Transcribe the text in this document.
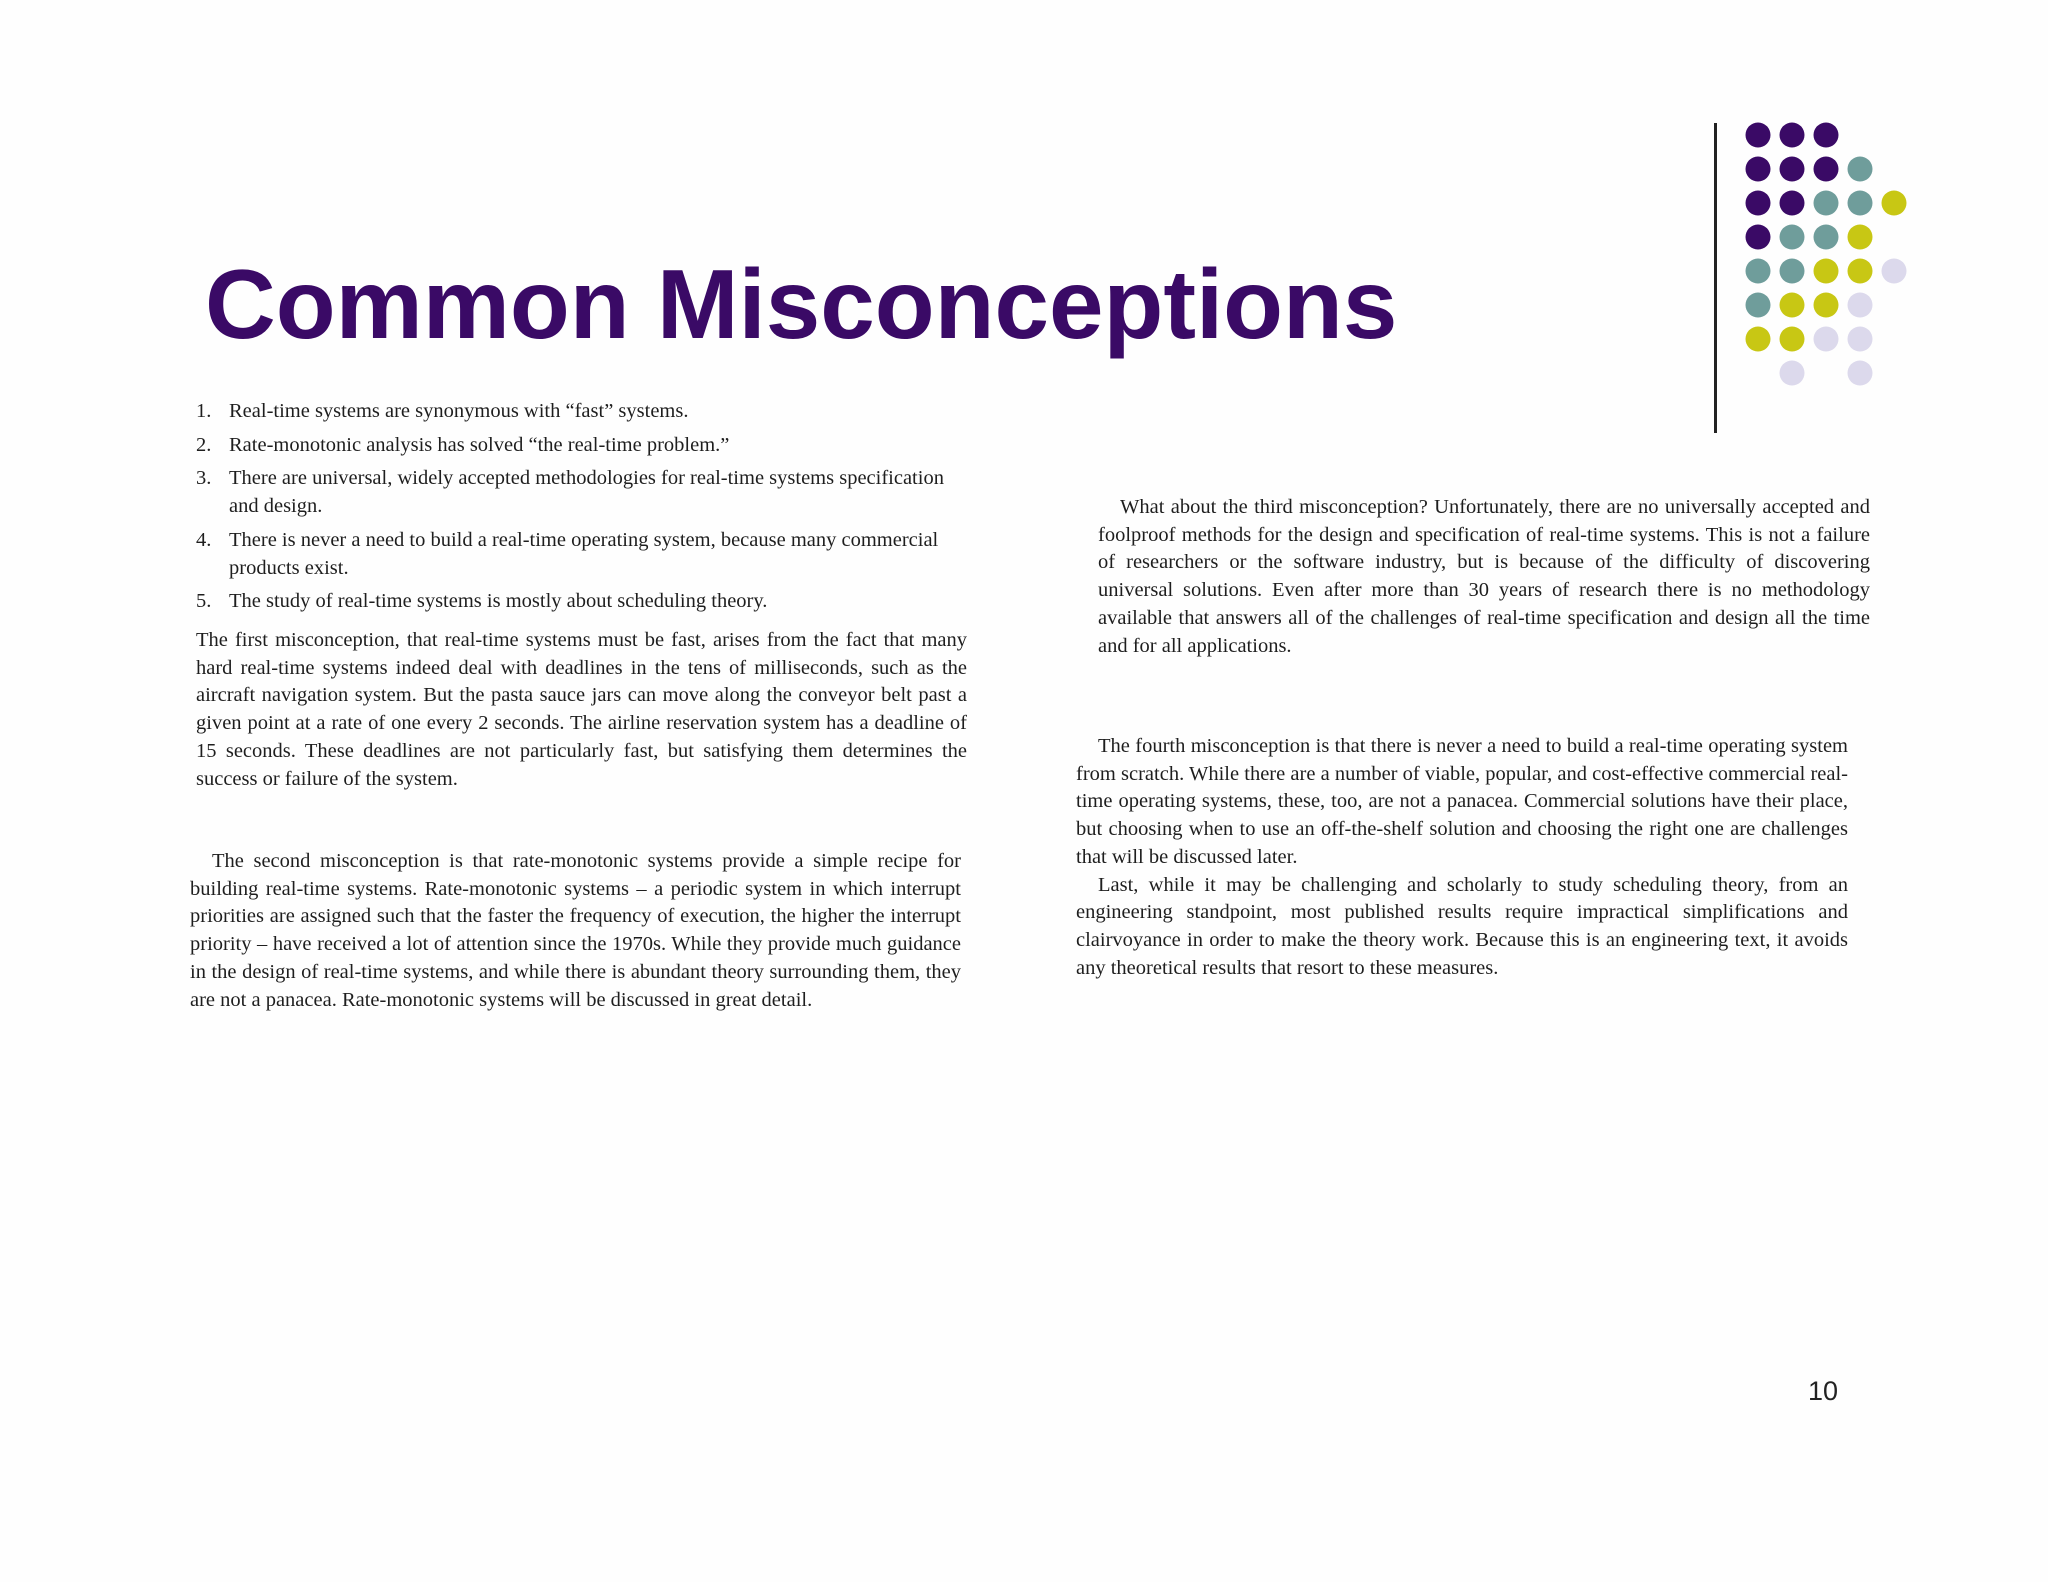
Common Misconceptions
1. Real-time systems are synonymous with “fast” systems.
2. Rate-monotonic analysis has solved “the real-time problem.”
3. There are universal, widely accepted methodologies for real-time systems specification and design.
4. There is never a need to build a real-time operating system, because many commercial products exist.
5. The study of real-time systems is mostly about scheduling theory.

The first misconception, that real-time systems must be fast, arises from the fact that many hard real-time systems indeed deal with deadlines in the tens of milliseconds, such as the aircraft navigation system. But the pasta sauce jars can move along the conveyor belt past a given point at a rate of one every 2 seconds. The airline reservation system has a deadline of 15 seconds. These deadlines are not particularly fast, but satisfying them determines the success or failure of the system.

The second misconception is that rate-monotonic systems provide a simple recipe for building real-time systems. Rate-monotonic systems – a periodic system in which interrupt priorities are assigned such that the faster the frequency of execution, the higher the interrupt priority – have received a lot of attention since the 1970s. While they provide much guidance in the design of real-time systems, and while there is abundant theory surrounding them, they are not a panacea. Rate-monotonic systems will be discussed in great detail.

What about the third misconception? Unfortunately, there are no universally accepted and foolproof methods for the design and specification of real-time systems. This is not a failure of researchers or the software industry, but is because of the difficulty of discovering universal solutions. Even after more than 30 years of research there is no methodology available that answers all of the challenges of real-time specification and design all the time and for all applications.

The fourth misconception is that there is never a need to build a real-time operating system from scratch. While there are a number of viable, popular, and cost-effective commercial real-time operating systems, these, too, are not a panacea. Commercial solutions have their place, but choosing when to use an off-the-shelf solution and choosing the right one are challenges that will be discussed later.

Last, while it may be challenging and scholarly to study scheduling theory, from an engineering standpoint, most published results require impractical simplifications and clairvoyance in order to make the theory work. Because this is an engineering text, it avoids any theoretical results that resort to these measures.

10
